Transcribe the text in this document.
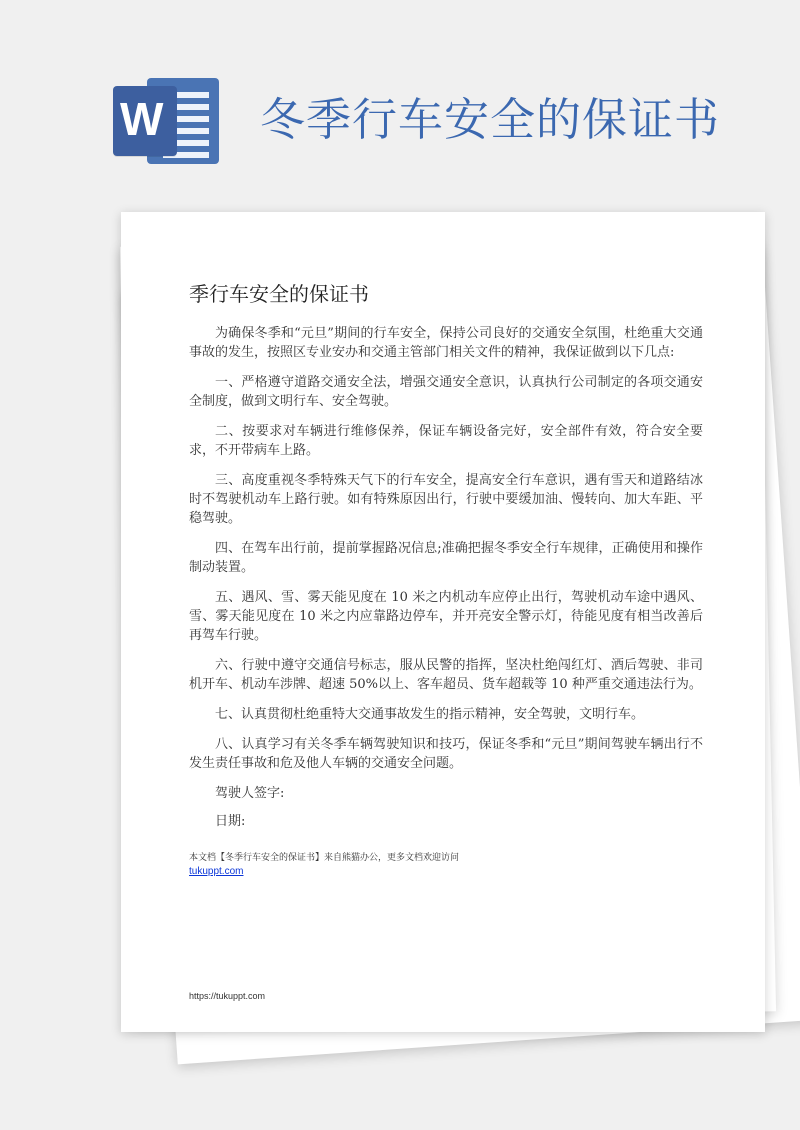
W 冬季行车安全的保证书
季行车安全的保证书

为确保冬季和“元旦”期间的行车安全，保持公司良好的交通安全氛围，杜绝重大交通事故的发生，按照区专业安办和交通主管部门相关文件的精神，我保证做到以下几点:

一、严格遵守道路交通安全法，增强交通安全意识，认真执行公司制定的各项交通安全制度，做到文明行车、安全驾驶。

二、按要求对车辆进行维修保养，保证车辆设备完好，安全部件有效，符合安全要求，不开带病车上路。

三、高度重视冬季特殊天气下的行车安全，提高安全行车意识，遇有雪天和道路结冰时不驾驶机动车上路行驶。如有特殊原因出行，行驶中要缓加油、慢转向、加大车距、平稳驾驶。

四、在驾车出行前，提前掌握路况信息;准确把握冬季安全行车规律，正确使用和操作制动装置。

五、遇风、雪、雾天能见度在 10 米之内机动车应停止出行，驾驶机动车途中遇风、雪、雾天能见度在 10 米之内应靠路边停车，并开亮安全警示灯，待能见度有相当改善后再驾车行驶。

六、行驶中遵守交通信号标志，服从民警的指挥，坚决杜绝闯红灯、酒后驾驶、非司机开车、机动车涉牌、超速 50%以上、客车超员、货车超载等 10 种严重交通违法行为。

七、认真贯彻杜绝重特大交通事故发生的指示精神，安全驾驶，文明行车。

八、认真学习有关冬季车辆驾驶知识和技巧，保证冬季和“元旦”期间驾驶车辆出行不发生责任事故和危及他人车辆的交通安全问题。

驾驶人签字:

日期:

本文档【冬季行车安全的保证书】来自熊猫办公，更多文档欢迎访问
tukuppt.com
https://tukuppt.com
